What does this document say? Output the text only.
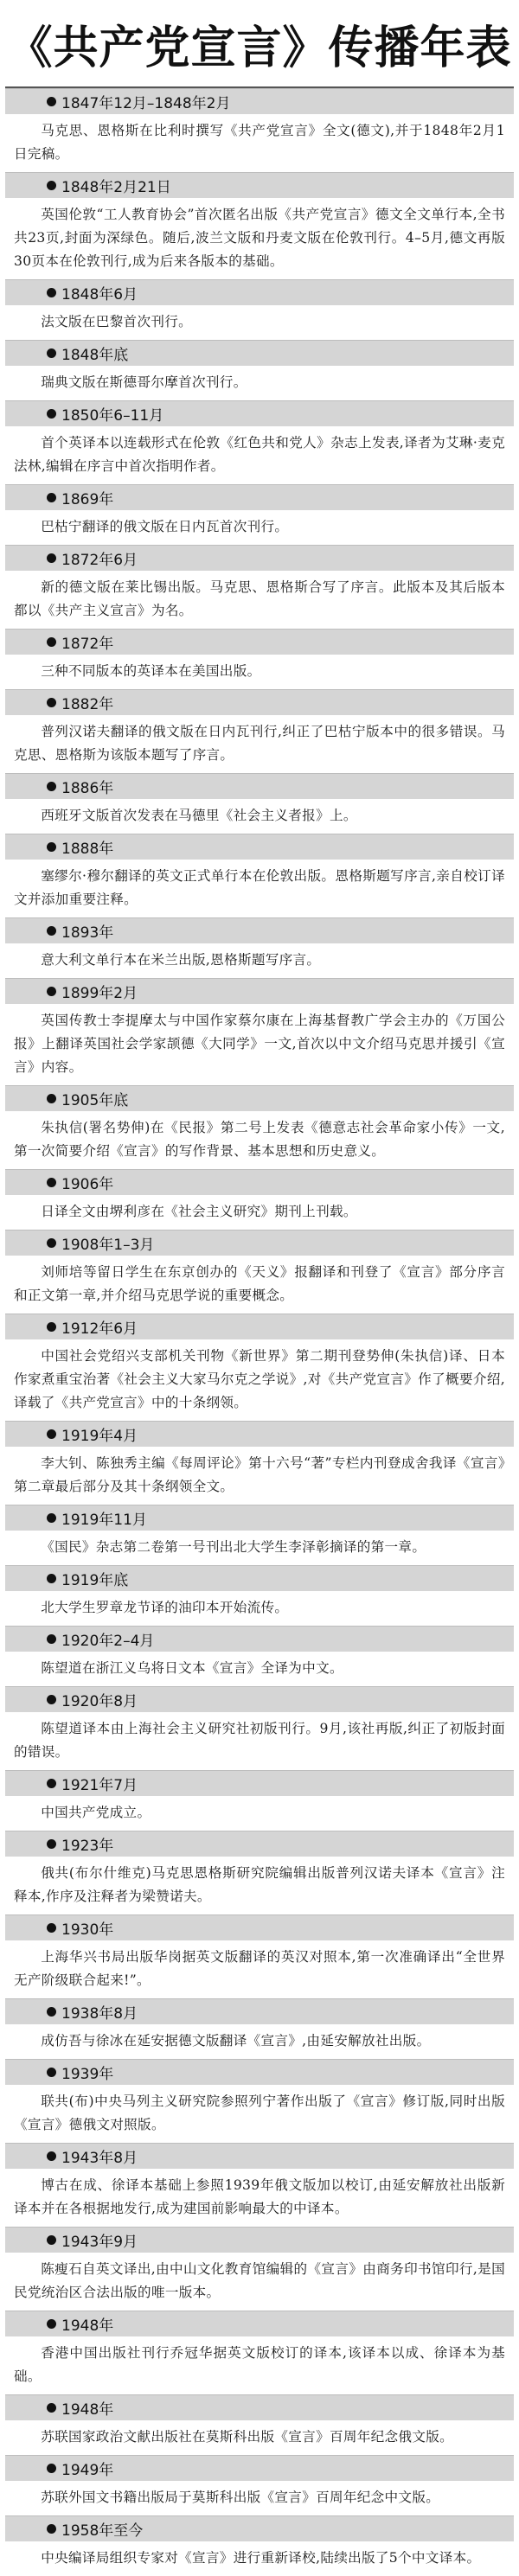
《共产党宣言》传播年表
1847年12月–1848年2月
马克思、恩格斯在比利时撰写《共产党宣言》全文(德文),并于1848年2月1日完稿。
1848年2月21日
英国伦敦“工人教育协会”首次匿名出版《共产党宣言》德文全文单行本,全书共23页,封面为深绿色。随后,波兰文版和丹麦文版在伦敦刊行。4–5月,德文再版30页本在伦敦刊行,成为后来各版本的基础。
1848年6月
法文版在巴黎首次刊行。
1848年底
瑞典文版在斯德哥尔摩首次刊行。
1850年6–11月
首个英译本以连载形式在伦敦《红色共和党人》杂志上发表,译者为艾琳·麦克法林,编辑在序言中首次指明作者。
1869年
巴枯宁翻译的俄文版在日内瓦首次刊行。
1872年6月
新的德文版在莱比锡出版。马克思、恩格斯合写了序言。此版本及其后版本都以《共产主义宣言》为名。
1872年
三种不同版本的英译本在美国出版。
1882年
普列汉诺夫翻译的俄文版在日内瓦刊行,纠正了巴枯宁版本中的很多错误。马克思、恩格斯为该版本题写了序言。
1886年
西班牙文版首次发表在马德里《社会主义者报》上。
1888年
塞缪尔·穆尔翻译的英文正式单行本在伦敦出版。恩格斯题写序言,亲自校订译文并添加重要注释。
1893年
意大利文单行本在米兰出版,恩格斯题写序言。
1899年2月
英国传教士李提摩太与中国作家蔡尔康在上海基督教广学会主办的《万国公报》上翻译英国社会学家颉德《大同学》一文,首次以中文介绍马克思并援引《宣言》内容。
1905年底
朱执信(署名势伸)在《民报》第二号上发表《德意志社会革命家小传》一文,第一次简要介绍《宣言》的写作背景、基本思想和历史意义。
1906年
日译全文由堺利彦在《社会主义研究》期刊上刊载。
1908年1–3月
刘师培等留日学生在东京创办的《天义》报翻译和刊登了《宣言》部分序言和正文第一章,并介绍马克思学说的重要概念。
1912年6月
中国社会党绍兴支部机关刊物《新世界》第二期刊登势伸(朱执信)译、日本作家煮重宝治著《社会主义大家马尔克之学说》,对《共产党宣言》作了概要介绍,译载了《共产党宣言》中的十条纲领。
1919年4月
李大钊、陈独秀主编《每周评论》第十六号“著”专栏内刊登成舍我译《宣言》第二章最后部分及其十条纲领全文。
1919年11月
《国民》杂志第二卷第一号刊出北大学生李泽彰摘译的第一章。
1919年底
北大学生罗章龙节译的油印本开始流传。
1920年2–4月
陈望道在浙江义乌将日文本《宣言》全译为中文。
1920年8月
陈望道译本由上海社会主义研究社初版刊行。9月,该社再版,纠正了初版封面的错误。
1921年7月
中国共产党成立。
1923年
俄共(布尔什维克)马克思恩格斯研究院编辑出版普列汉诺夫译本《宣言》注释本,作序及注释者为梁赞诺夫。
1930年
上海华兴书局出版华岗据英文版翻译的英汉对照本,第一次准确译出“全世界无产阶级联合起来!”。
1938年8月
成仿吾与徐冰在延安据德文版翻译《宣言》,由延安解放社出版。
1939年
联共(布)中央马列主义研究院参照列宁著作出版了《宣言》修订版,同时出版《宣言》德俄文对照版。
1943年8月
博古在成、徐译本基础上参照1939年俄文版加以校订,由延安解放社出版新译本并在各根据地发行,成为建国前影响最大的中译本。
1943年9月
陈瘦石自英文译出,由中山文化教育馆编辑的《宣言》由商务印书馆印行,是国民党统治区合法出版的唯一版本。
1948年
香港中国出版社刊行乔冠华据英文版校订的译本,该译本以成、徐译本为基础。
1948年
苏联国家政治文献出版社在莫斯科出版《宣言》百周年纪念俄文版。
1949年
苏联外国文书籍出版局于莫斯科出版《宣言》百周年纪念中文版。
1958年至今
中央编译局组织专家对《宣言》进行重新译校,陆续出版了5个中文译本。
